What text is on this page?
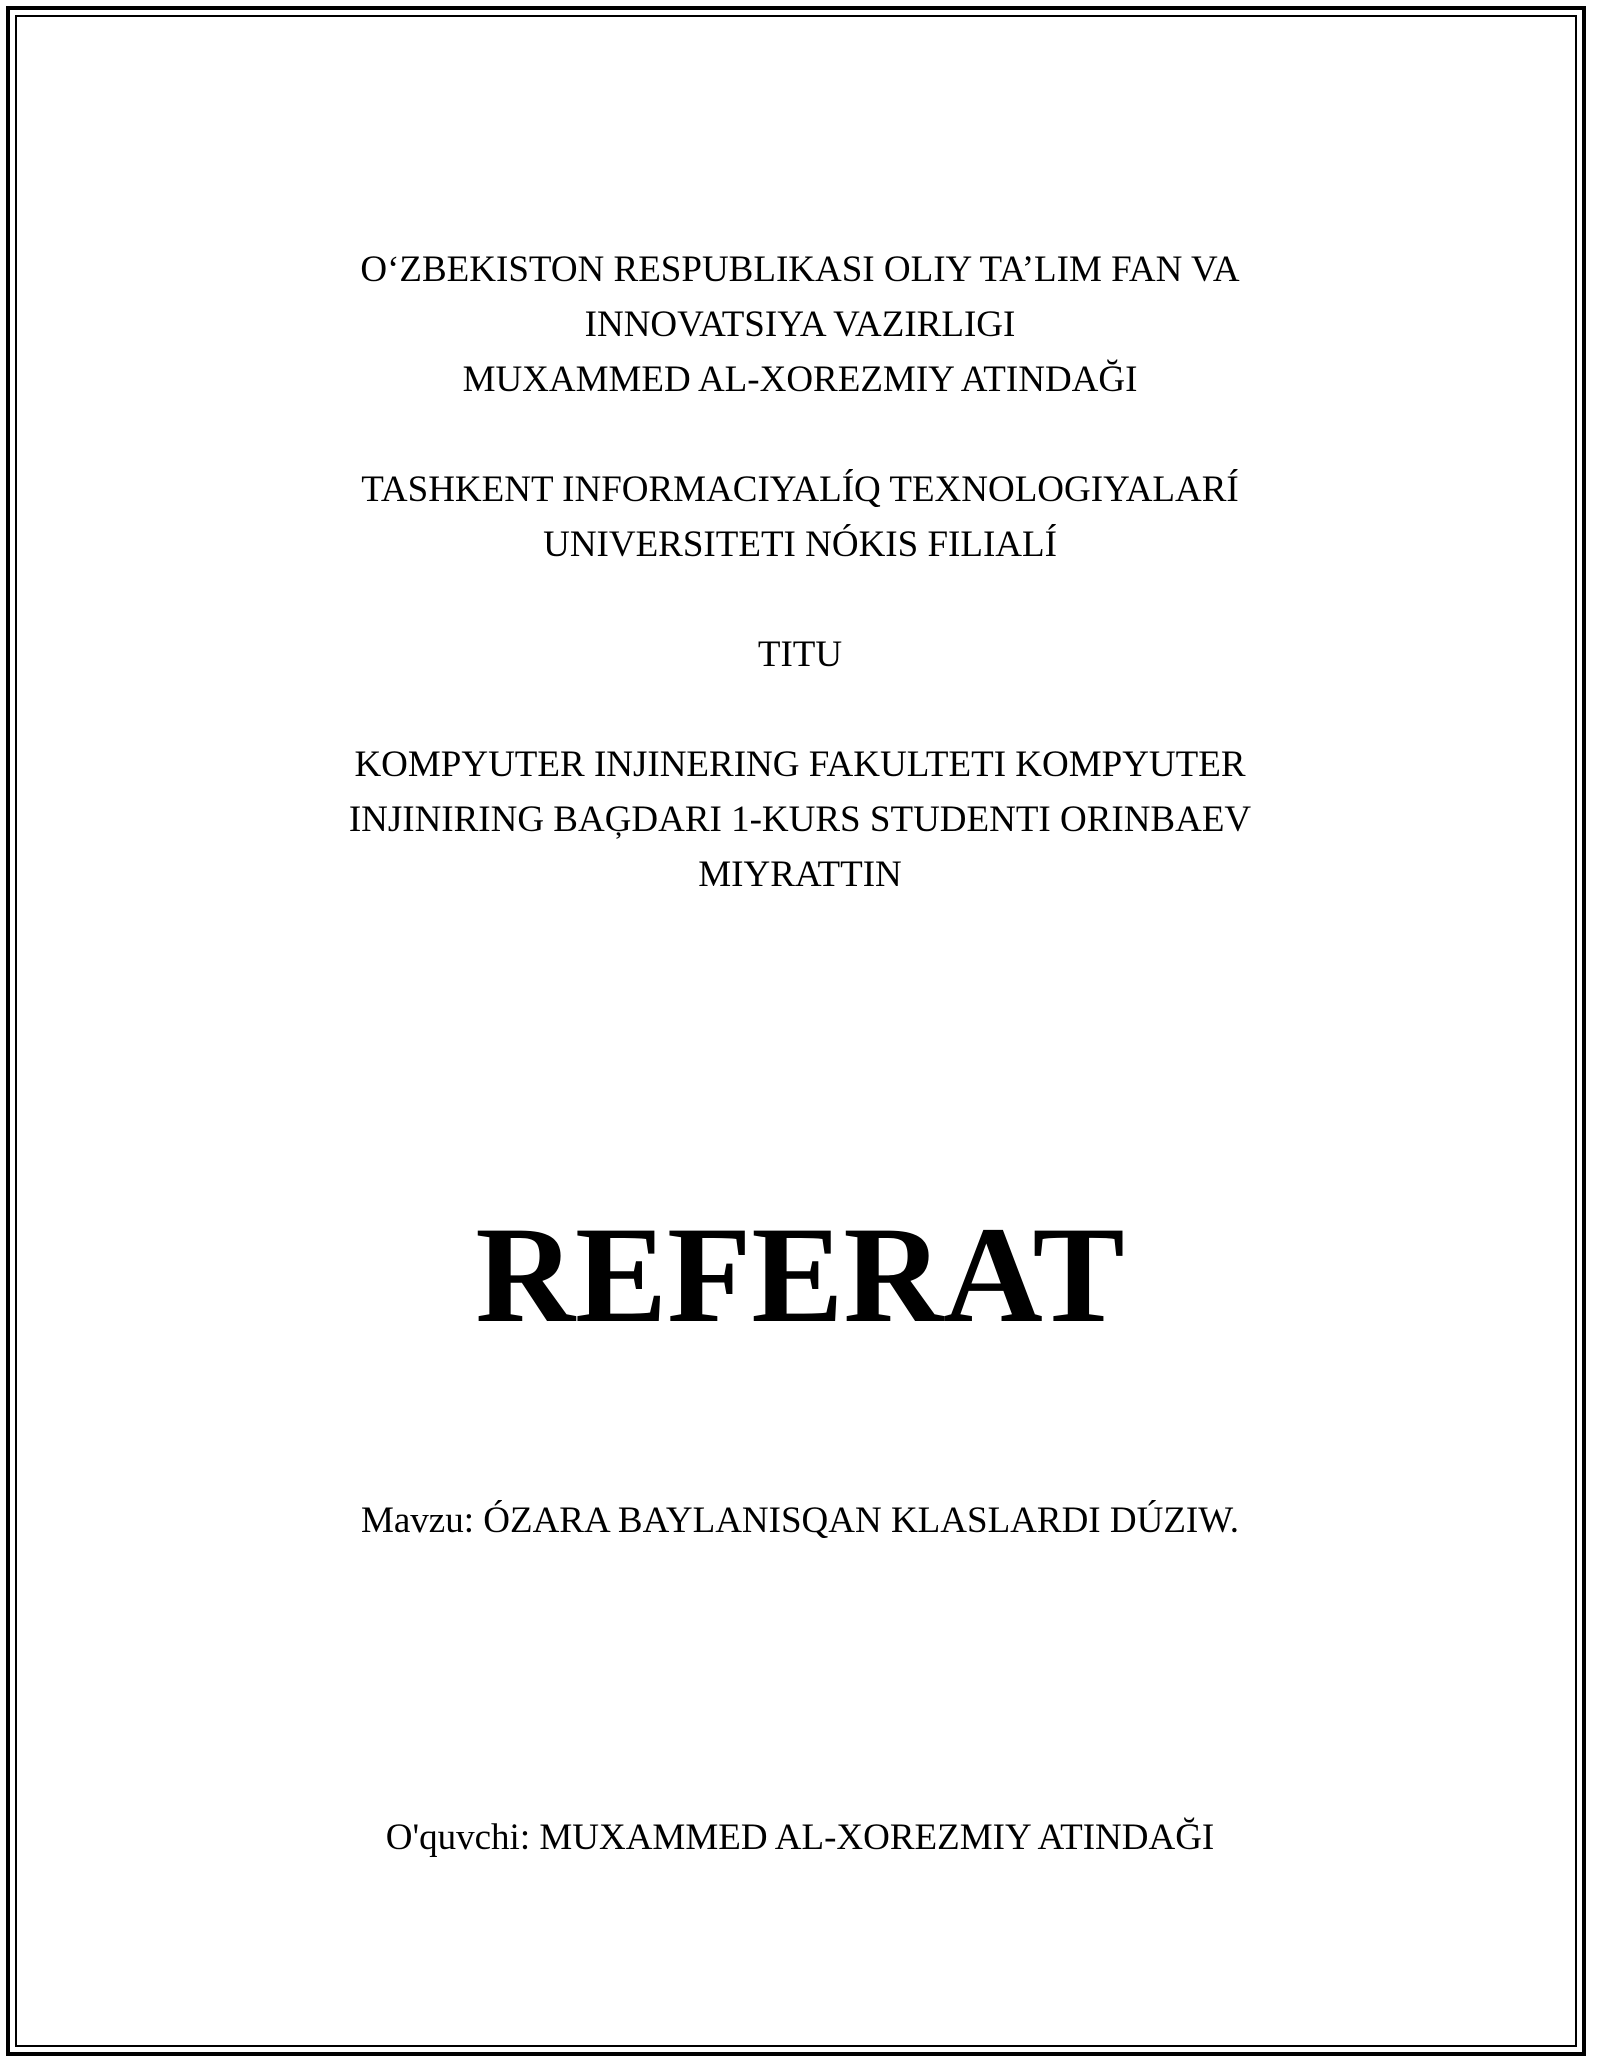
O‘ZBEKISTON RESPUBLIKASI OLIY TA’LIM FAN VA
INNOVATSIYA VAZIRLIGI
MUXAMMED AL-XOREZMIY ATINDAĞI
TASHKENT INFORMACIYALÍQ TEXNOLOGIYALARÍ
UNIVERSITETI NÓKIS FILIALÍ
TITU
KOMPYUTER INJINERING FAKULTETI KOMPYUTER
INJINIRING BAĢDARI 1-KURS STUDENTI ORINBAEV
MIYRATTIN
REFERAT
Mavzu: ÓZARA BAYLANISQAN KLASLARDI DÚZIW.
O'quvchi: MUXAMMED AL-XOREZMIY ATINDAĞI
